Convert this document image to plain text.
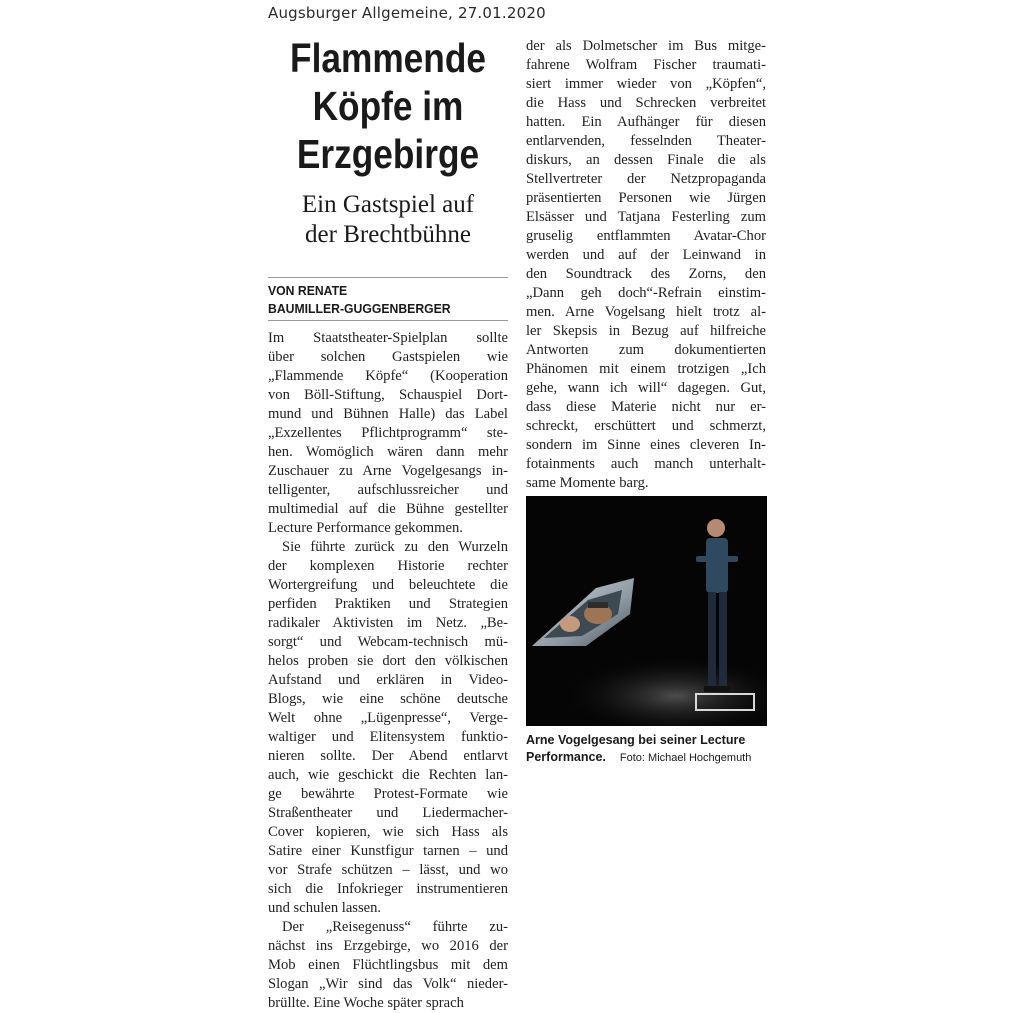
Augsburger Allgemeine, 27.01.2020
Flammende
Köpfe im
Erzgebirge
Ein Gastspiel auf
der Brechtbühne
VON RENATE
BAUMILLER-GUGGENBERGER
Im Staatstheater-Spielplan sollte
über solchen Gastspielen wie
„Flammende Köpfe“ (Kooperation
von Böll-Stiftung, Schauspiel Dort-
mund und Bühnen Halle) das Label
„Exzellentes Pflichtprogramm“ ste-
hen. Womöglich wären dann mehr
Zuschauer zu Arne Vogelgesangs in-
telligenter, aufschlussreicher und
multimedial auf die Bühne gestellter
Lecture Performance gekommen.
Sie führte zurück zu den Wurzeln
der komplexen Historie rechter
Wortergreifung und beleuchtete die
perfiden Praktiken und Strategien
radikaler Aktivisten im Netz. „Be-
sorgt“ und Webcam-technisch mü-
helos proben sie dort den völkischen
Aufstand und erklären in Video-
Blogs, wie eine schöne deutsche
Welt ohne „Lügenpresse“, Verge-
waltiger und Elitensystem funktio-
nieren sollte. Der Abend entlarvt
auch, wie geschickt die Rechten lan-
ge bewährte Protest-Formate wie
Straßentheater und Liedermacher-
Cover kopieren, wie sich Hass als
Satire einer Kunstfigur tarnen – und
vor Strafe schützen – lässt, und wo
sich die Infokrieger instrumentieren
und schulen lassen.
Der „Reisegenuss“ führte zu-
nächst ins Erzgebirge, wo 2016 der
Mob einen Flüchtlingsbus mit dem
Slogan „Wir sind das Volk“ nieder-
brüllte. Eine Woche später sprach
der als Dolmetscher im Bus mitge-
fahrene Wolfram Fischer traumati-
siert immer wieder von „Köpfen“,
die Hass und Schrecken verbreitet
hatten. Ein Aufhänger für diesen
entlarvenden, fesselnden Theater-
diskurs, an dessen Finale die als
Stellvertreter der Netzpropaganda
präsentierten Personen wie Jürgen
Elsässer und Tatjana Festerling zum
gruselig entflammten Avatar-Chor
werden und auf der Leinwand in
den Soundtrack des Zorns, den
„Dann geh doch“-Refrain einstim-
men. Arne Vogelsang hielt trotz al-
ler Skepsis in Bezug auf hilfreiche
Antworten zum dokumentierten
Phänomen mit einem trotzigen „Ich
gehe, wann ich will“ dagegen. Gut,
dass diese Materie nicht nur er-
schreckt, erschüttert und schmerzt,
sondern im Sinne eines cleveren In-
fotainments auch manch unterhalt-
same Momente barg.
Arne Vogelgesang bei seiner Lecture
Performance. Foto: Michael Hochgemuth
